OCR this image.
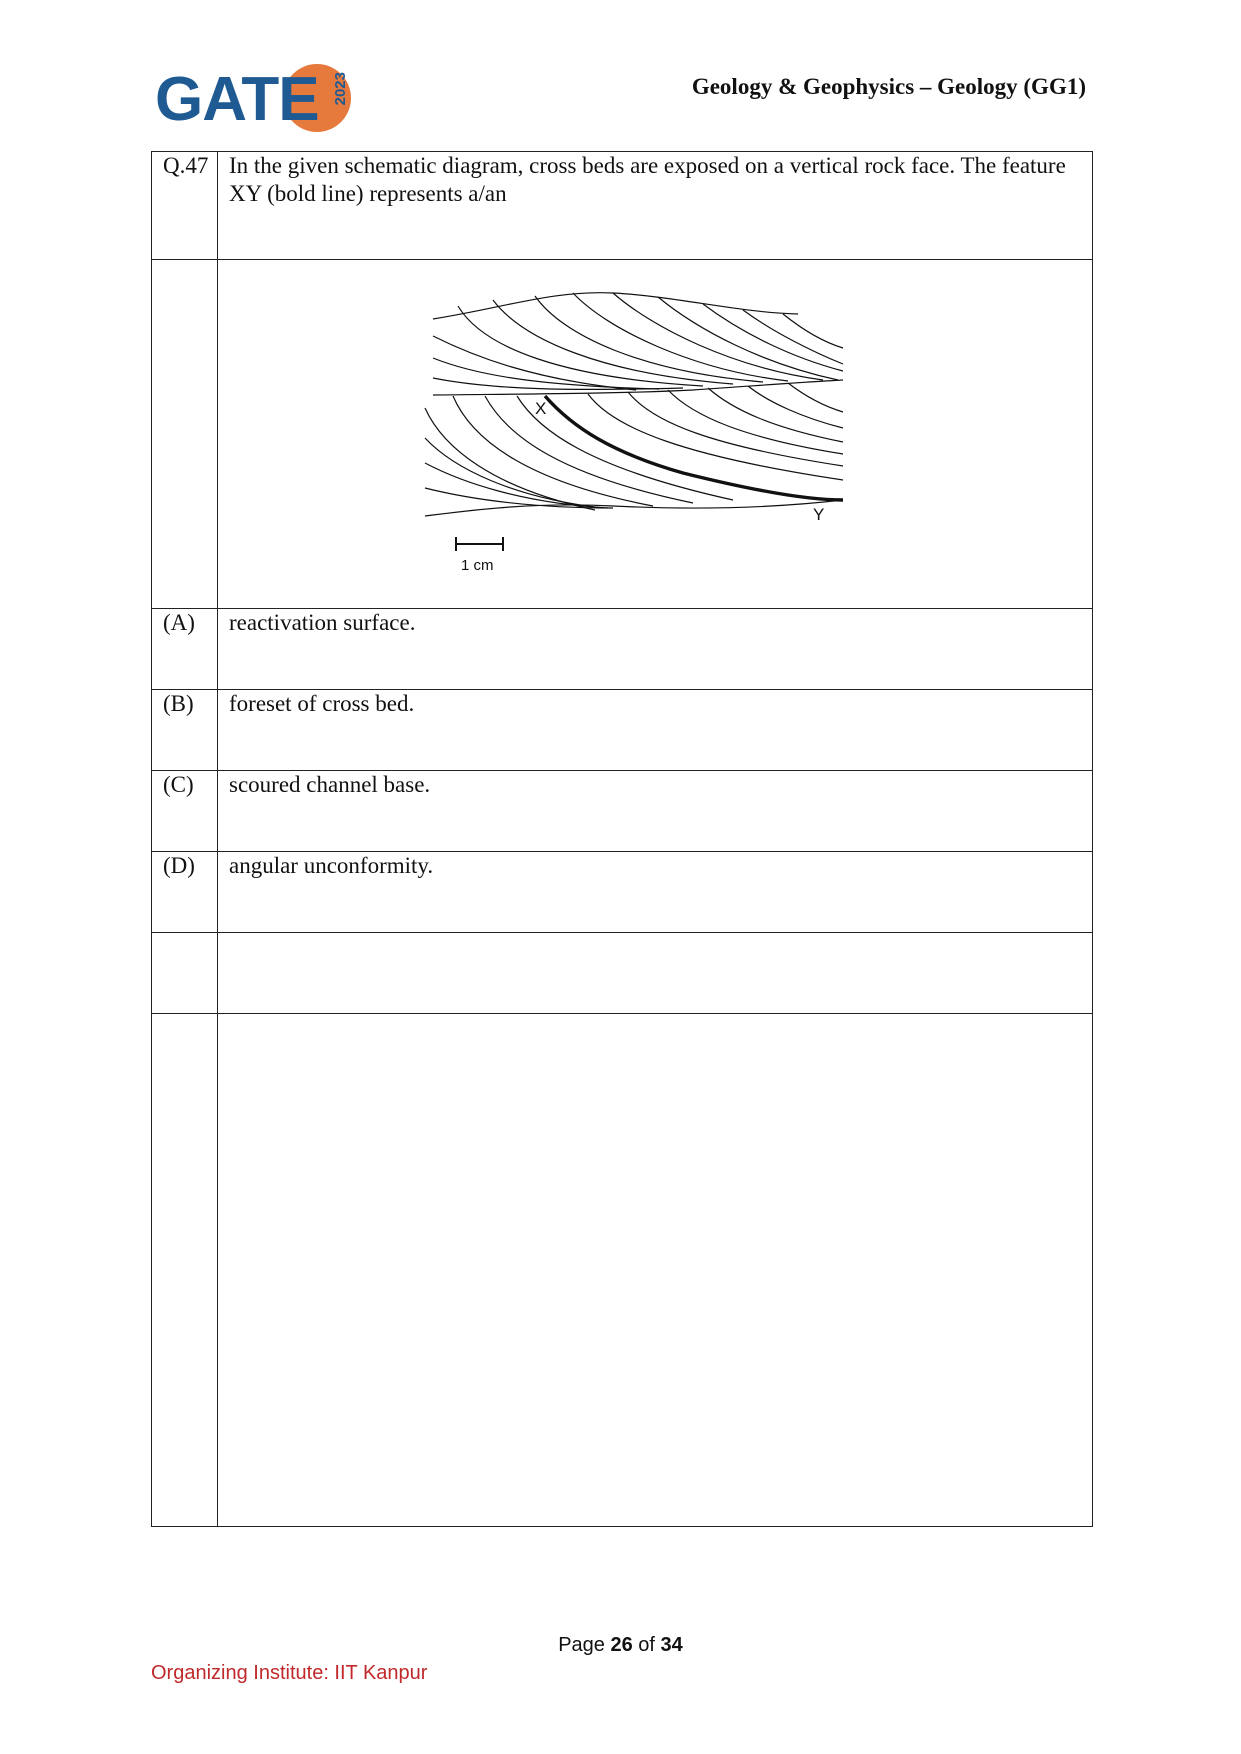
GATE 2023	Geology & Geophysics – Geology (GG1)
Q.47	In the given schematic diagram, cross beds are exposed on a vertical rock face. The feature XY (bold line) represents a/an

X
Y
1 cm

(A)	reactivation surface.
(B)	foreset of cross bed.
(C)	scoured channel base.
(D)	angular unconformity.

Page 26 of 34
Organizing Institute: IIT Kanpur
